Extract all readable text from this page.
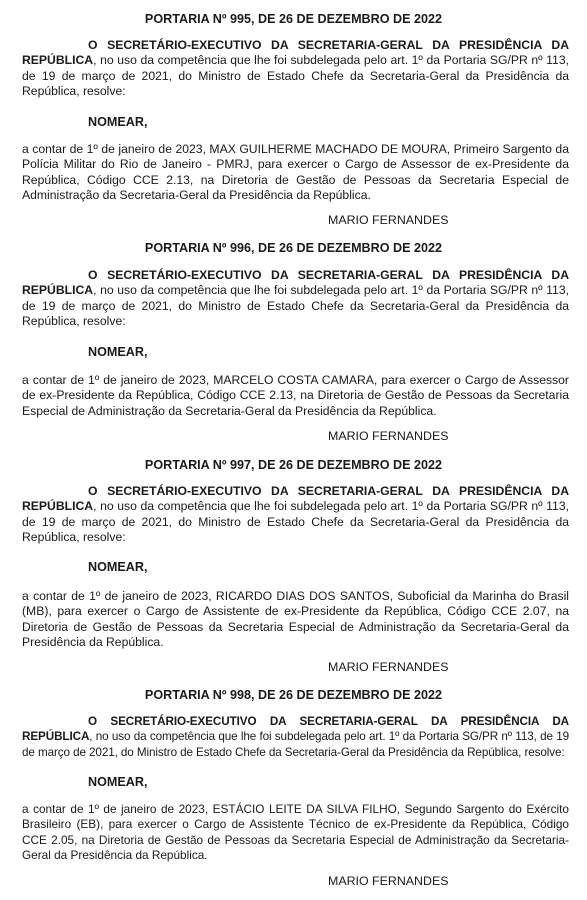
PORTARIA Nº 995, DE 26 DE DEZEMBRO DE 2022

O SECRETÁRIO-EXECUTIVO DA SECRETARIA-GERAL DA PRESIDÊNCIA DA REPÚBLICA, no uso da competência que lhe foi subdelegada pelo art. 1º da Portaria SG/PR nº 113, de 19 de março de 2021, do Ministro de Estado Chefe da Secretaria-Geral da Presidência da República, resolve:

NOMEAR,

a contar de 1º de janeiro de 2023, MAX GUILHERME MACHADO DE MOURA, Primeiro Sargento da Polícia Militar do Rio de Janeiro - PMRJ, para exercer o Cargo de Assessor de ex-Presidente da República, Código CCE 2.13, na Diretoria de Gestão de Pessoas da Secretaria Especial de Administração da Secretaria-Geral da Presidência da República.

MARIO FERNANDES
PORTARIA Nº 996, DE 26 DE DEZEMBRO DE 2022

O SECRETÁRIO-EXECUTIVO DA SECRETARIA-GERAL DA PRESIDÊNCIA DA REPÚBLICA, no uso da competência que lhe foi subdelegada pelo art. 1º da Portaria SG/PR nº 113, de 19 de março de 2021, do Ministro de Estado Chefe da Secretaria-Geral da Presidência da República, resolve:

NOMEAR,

a contar de 1º de janeiro de 2023, MARCELO COSTA CAMARA, para exercer o Cargo de Assessor de ex-Presidente da República, Código CCE 2.13, na Diretoria de Gestão de Pessoas da Secretaria Especial de Administração da Secretaria-Geral da Presidência da República.

MARIO FERNANDES
PORTARIA Nº 997, DE 26 DE DEZEMBRO DE 2022

O SECRETÁRIO-EXECUTIVO DA SECRETARIA-GERAL DA PRESIDÊNCIA DA REPÚBLICA, no uso da competência que lhe foi subdelegada pelo art. 1º da Portaria SG/PR nº 113, de 19 de março de 2021, do Ministro de Estado Chefe da Secretaria-Geral da Presidência da República, resolve:

NOMEAR,

a contar de 1º de janeiro de 2023, RICARDO DIAS DOS SANTOS, Suboficial da Marinha do Brasil (MB), para exercer o Cargo de Assistente de ex-Presidente da República, Código CCE 2.07, na Diretoria de Gestão de Pessoas da Secretaria Especial de Administração da Secretaria-Geral da Presidência da República.

MARIO FERNANDES
PORTARIA Nº 998, DE 26 DE DEZEMBRO DE 2022

O SECRETÁRIO-EXECUTIVO DA SECRETARIA-GERAL DA PRESIDÊNCIA DA REPÚBLICA, no uso da competência que lhe foi subdelegada pelo art. 1º da Portaria SG/PR nº 113, de 19 de março de 2021, do Ministro de Estado Chefe da Secretaria-Geral da Presidência da República, resolve:

NOMEAR,

a contar de 1º de janeiro de 2023, ESTÁCIO LEITE DA SILVA FILHO, Segundo Sargento do Exército Brasileiro (EB), para exercer o Cargo de Assistente Técnico de ex-Presidente da República, Código CCE 2.05, na Diretoria de Gestão de Pessoas da Secretaria Especial de Administração da Secretaria-Geral da Presidência da República.

MARIO FERNANDES
